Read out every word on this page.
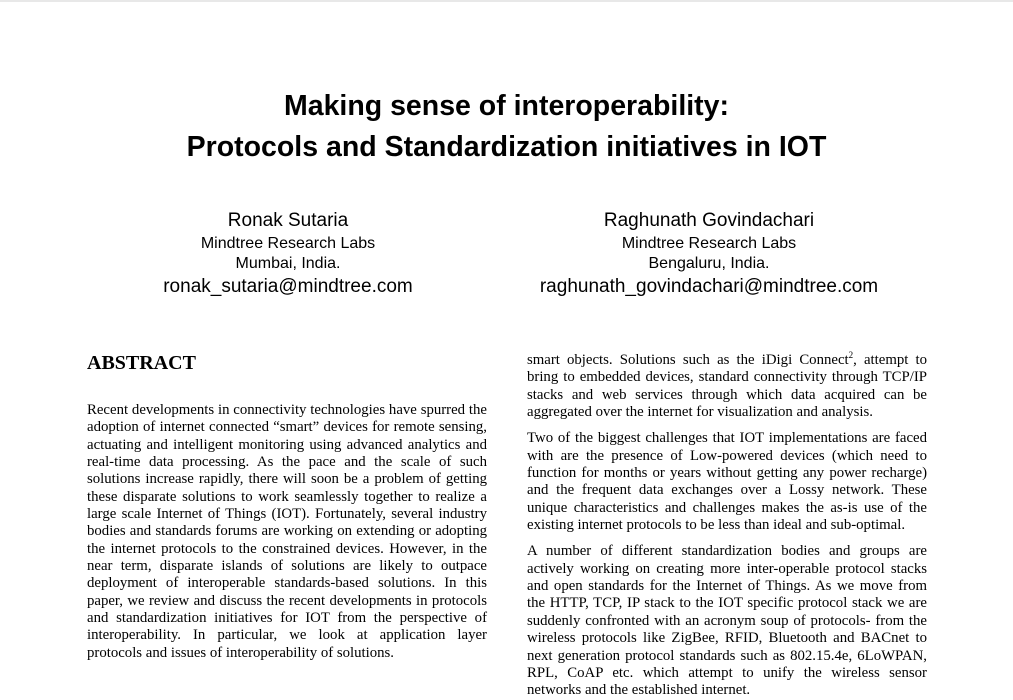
Making sense of interoperability:
Protocols and Standardization initiatives in IOT
Ronak Sutaria
Mindtree Research Labs
Mumbai, India.
ronak_sutaria@mindtree.com
Raghunath Govindachari
Mindtree Research Labs
Bengaluru, India.
raghunath_govindachari@mindtree.com
ABSTRACT

Recent developments in connectivity technologies have spurred the adoption of internet connected “smart” devices for remote sensing, actuating and intelligent monitoring using advanced analytics and real-time data processing. As the pace and the scale of such solutions increase rapidly, there will soon be a problem of getting these disparate solutions to work seamlessly together to realize a large scale Internet of Things (IOT). Fortunately, several industry bodies and standards forums are working on extending or adopting the internet protocols to the constrained devices. However, in the near term, disparate islands of solutions are likely to outpace deployment of interoperable standards-based solutions. In this paper, we review and discuss the recent developments in protocols and standardization initiatives for IOT from the perspective of interoperability. In particular, we look at application layer protocols and issues of interoperability of solutions.

smart objects. Solutions such as the iDigi Connect$^2$, attempt to bring to embedded devices, standard connectivity through TCP/IP stacks and web services through which data acquired can be aggregated over the internet for visualization and analysis.

Two of the biggest challenges that IOT implementations are faced with are the presence of Low-powered devices (which need to function for months or years without getting any power recharge) and the frequent data exchanges over a Lossy network. These unique characteristics and challenges makes the as-is use of the existing internet protocols to be less than ideal and sub-optimal.

A number of different standardization bodies and groups are actively working on creating more inter-operable protocol stacks and open standards for the Internet of Things. As we move from the HTTP, TCP, IP stack to the IOT specific protocol stack we are suddenly confronted with an acronym soup of protocols- from the wireless protocols like ZigBee, RFID, Bluetooth and BACnet to next generation protocol standards such as 802.15.4e, 6LoWPAN, RPL, CoAP etc. which attempt to unify the wireless sensor networks and the established internet.
